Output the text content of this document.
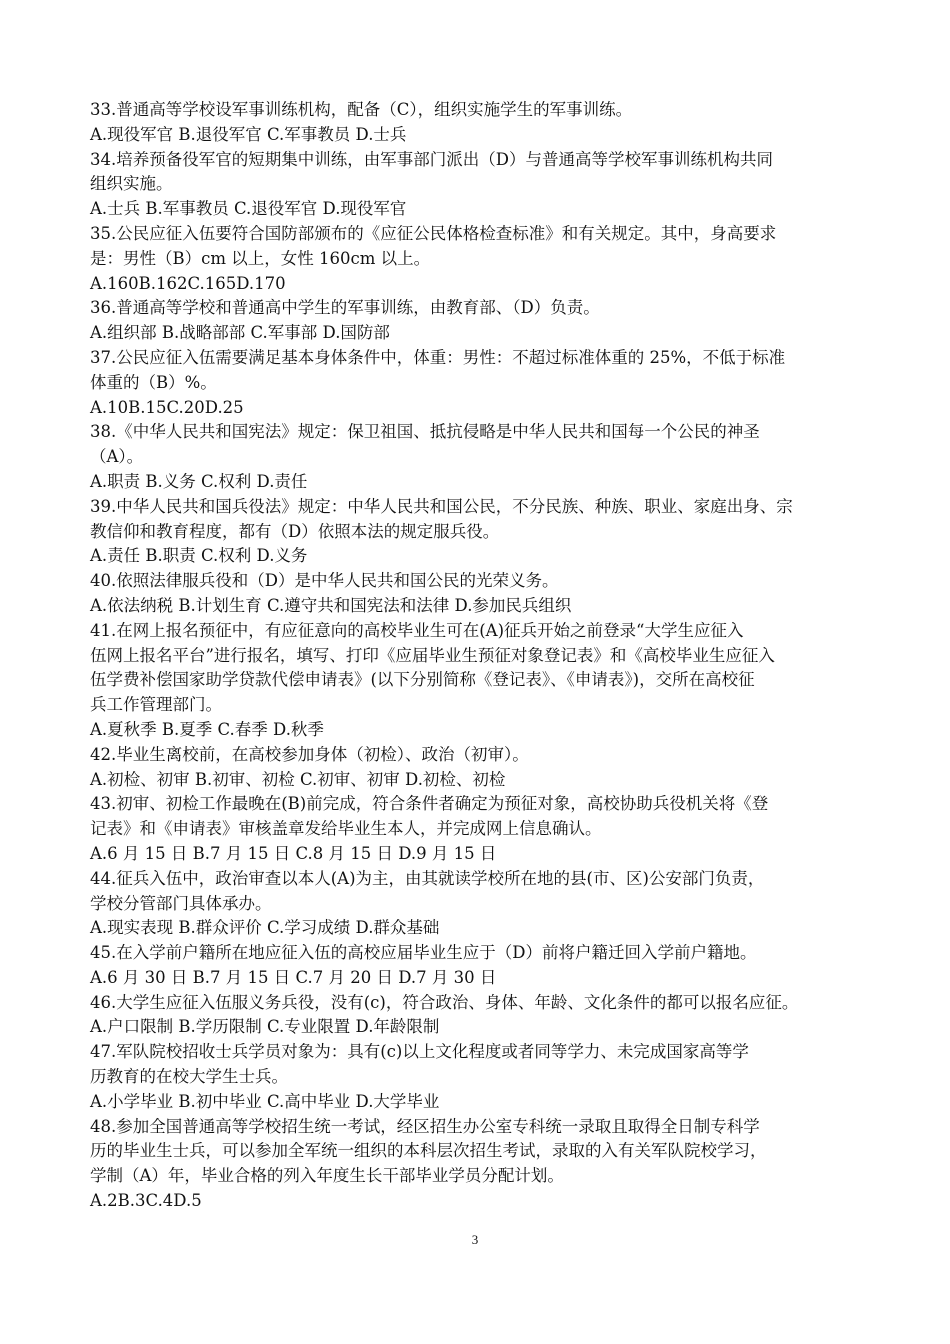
33.普通高等学校设军事训练机构，配备（C），组织实施学生的军事训练。

A.现役军官 B.退役军官 C.军事教员 D.士兵

34.培养预备役军官的短期集中训练，由军事部门派出（D）与普通高等学校军事训练机构共同

组织实施。

A.士兵 B.军事教员 C.退役军官 D.现役军官

35.公民应征入伍要符合国防部颁布的《应征公民体格检查标准》和有关规定。其中，身高要求

是：男性（B）cm 以上，女性 160cm 以上。

A.160B.162C.165D.170

36.普通高等学校和普通高中学生的军事训练，由教育部、（D）负责。

A.组织部 B.战略部部 C.军事部 D.国防部

37.公民应征入伍需要满足基本身体条件中，体重：男性：不超过标准体重的 25%，不低于标准

体重的（B）%。

A.10B.15C.20D.25

38.《中华人民共和国宪法》规定：保卫祖国、抵抗侵略是中华人民共和国每一个公民的神圣

（A）。

A.职责 B.义务 C.权利 D.责任

39.中华人民共和国兵役法》规定：中华人民共和国公民，不分民族、种族、职业、家庭出身、宗

教信仰和教育程度，都有（D）依照本法的规定服兵役。

A.责任 B.职责 C.权利 D.义务

40.依照法律服兵役和（D）是中华人民共和国公民的光荣义务。

A.依法纳税 B.计划生育 C.遵守共和国宪法和法律 D.参加民兵组织

41.在网上报名预征中，有应征意向的高校毕业生可在(A)征兵开始之前登录“大学生应征入

伍网上报名平台”进行报名，填写、打印《应届毕业生预征对象登记表》和《高校毕业生应征入

伍学费补偿国家助学贷款代偿申请表》(以下分别简称《登记表》、《申请表》)，交所在高校征

兵工作管理部门。

A.夏秋季 B.夏季 C.春季 D.秋季

42.毕业生离校前，在高校参加身体（初检）、政治（初审）。

A.初检、初审 B.初审、初检 C.初审、初审 D.初检、初检

43.初审、初检工作最晚在(B)前完成，符合条件者确定为预征对象，高校协助兵役机关将《登

记表》和《申请表》审核盖章发给毕业生本人，并完成网上信息确认。

A.6 月 15 日 B.7 月 15 日 C.8 月 15 日 D.9 月 15 日

44.征兵入伍中，政治审查以本人(A)为主，由其就读学校所在地的县(市、区)公安部门负责，

学校分管部门具体承办。

A.现实表现 B.群众评价 C.学习成绩 D.群众基础

45.在入学前户籍所在地应征入伍的高校应届毕业生应于（D）前将户籍迁回入学前户籍地。

A.6 月 30 日 B.7 月 15 日 C.7 月 20 日 D.7 月 30 日

46.大学生应征入伍服义务兵役，没有(c)，符合政治、身体、年龄、文化条件的都可以报名应征。

A.户口限制 B.学历限制 C.专业限置 D.年龄限制

47.军队院校招收士兵学员对象为：具有(c)以上文化程度或者同等学力、未完成国家高等学

历教育的在校大学生士兵。

A.小学毕业 B.初中毕业 C.高中毕业 D.大学毕业

48.参加全国普通高等学校招生统一考试，经区招生办公室专科统一录取且取得全日制专科学

历的毕业生士兵，可以参加全军统一组织的本科层次招生考试，录取的入有关军队院校学习，

学制（A）年，毕业合格的列入年度生长干部毕业学员分配计划。

A.2B.3C.4D.5

3
